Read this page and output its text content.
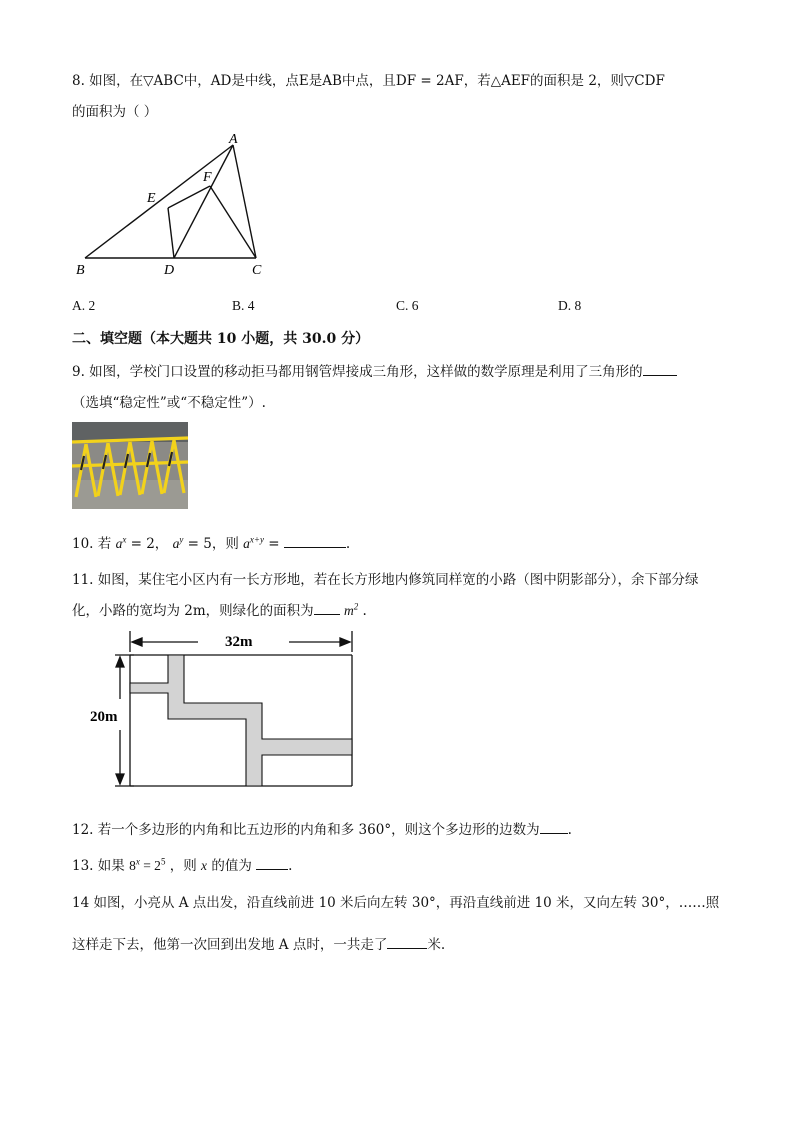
8. 如图，在▽ABC中，AD是中线，点E是AB中点，且DF = 2AF，若△AEF的面积是 2，则▽CDF
的面积为（ ）
A
F
E
B	D	C
A. 2	B. 4	C. 6	D. 8
二、填空题（本大题共 10 小题，共 30.0 分）
9. 如图，学校门口设置的移动拒马都用钢管焊接成三角形，这样做的数学原理是利用了三角形的
（选填“稳定性”或“不稳定性”）.
10. 若 $a^x = 2$， $a^y = 5$，则 $a^{x+y}$ =	.
11. 如图，某住宅小区内有一长方形地，若在长方形地内修筑同样宽的小路（图中阴影部分），余下部分绿
化，小路的宽均为 2m，则绿化的面积为 $m^2$ .
32m
20m
12. 若一个多边形的内角和比五边形的内角和多 360°，则这个多边形的边数为 .
13. 如果 $8^x = 2^5$ ，则 x 的值为	.
14 如图，小亮从 A 点出发，沿直线前进 10 米后向左转 30°，再沿直线前进 10 米，又向左转 30°，……照
这样走下去，他第一次回到出发地 A 点时，一共走了	米.
